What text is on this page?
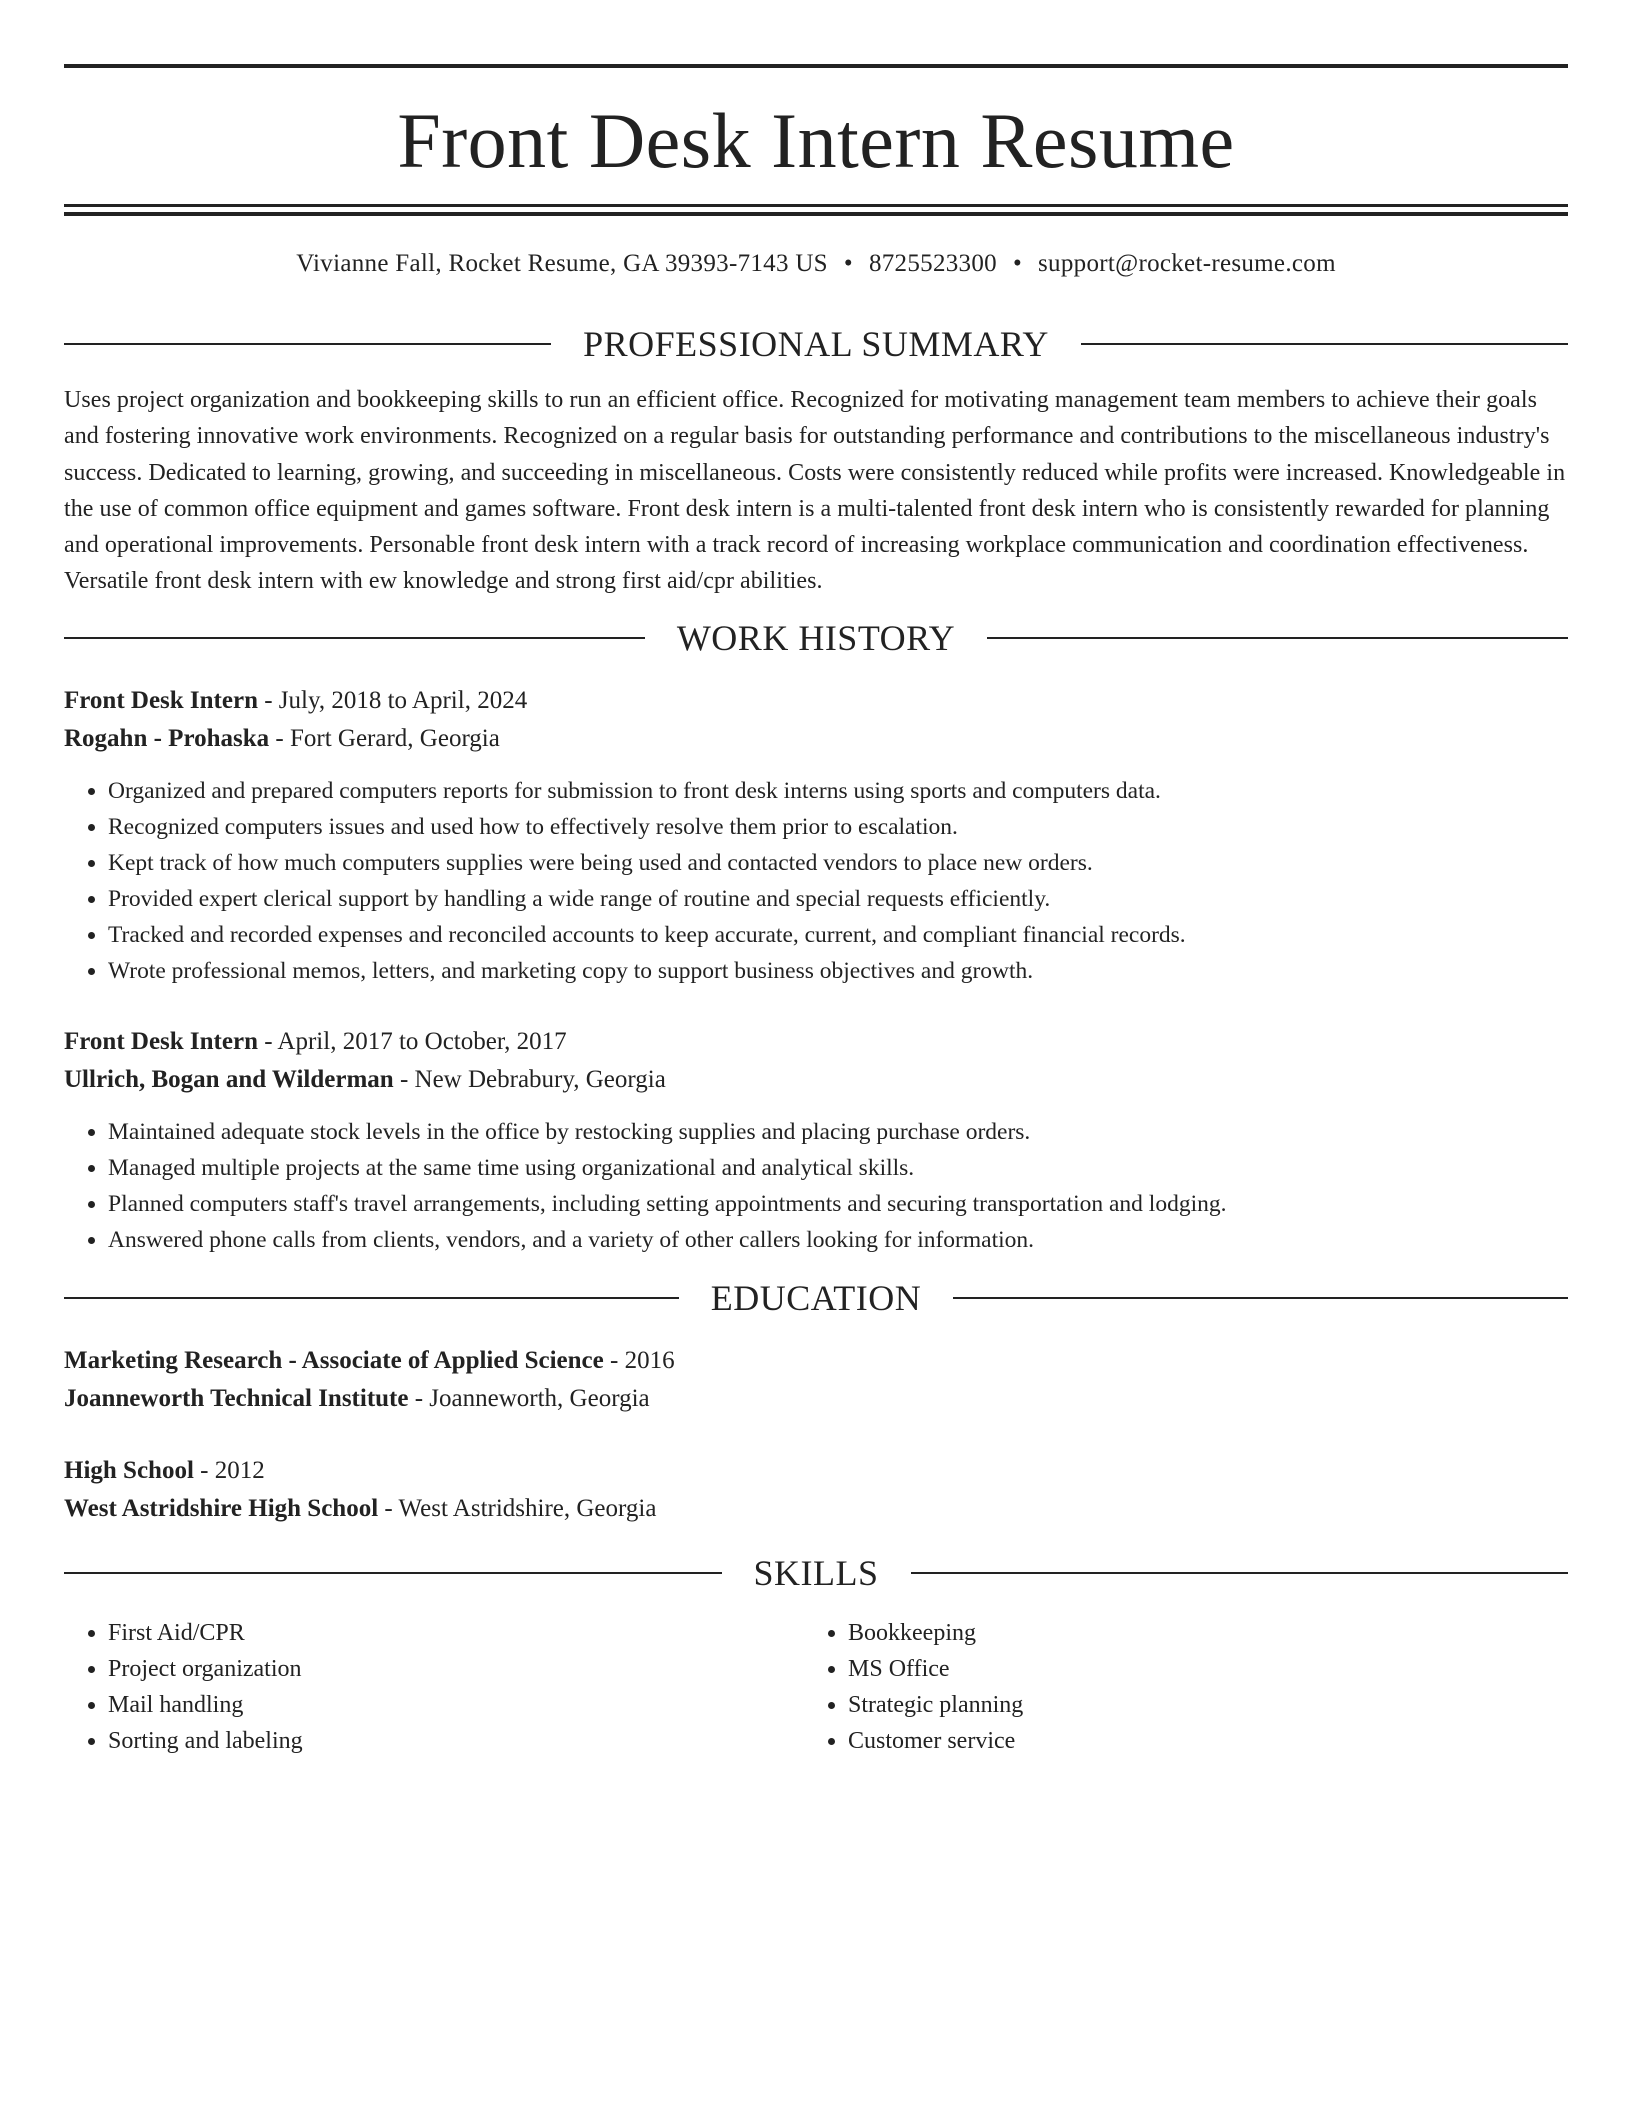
Front Desk Intern Resume
Vivianne Fall, Rocket Resume, GA 39393-7143 US • 8725523300 • support@rocket-resume.com
PROFESSIONAL SUMMARY
Uses project organization and bookkeeping skills to run an efficient office. Recognized for motivating management team members to achieve their goals and fostering innovative work environments. Recognized on a regular basis for outstanding performance and contributions to the miscellaneous industry's success. Dedicated to learning, growing, and succeeding in miscellaneous. Costs were consistently reduced while profits were increased. Knowledgeable in the use of common office equipment and games software. Front desk intern is a multi-talented front desk intern who is consistently rewarded for planning and operational improvements. Personable front desk intern with a track record of increasing workplace communication and coordination effectiveness. Versatile front desk intern with ew knowledge and strong first aid/cpr abilities.
WORK HISTORY
Front Desk Intern - July, 2018 to April, 2024
Rogahn - Prohaska - Fort Gerard, Georgia
• Organized and prepared computers reports for submission to front desk interns using sports and computers data.
• Recognized computers issues and used how to effectively resolve them prior to escalation.
• Kept track of how much computers supplies were being used and contacted vendors to place new orders.
• Provided expert clerical support by handling a wide range of routine and special requests efficiently.
• Tracked and recorded expenses and reconciled accounts to keep accurate, current, and compliant financial records.
• Wrote professional memos, letters, and marketing copy to support business objectives and growth.
Front Desk Intern - April, 2017 to October, 2017
Ullrich, Bogan and Wilderman - New Debrabury, Georgia
• Maintained adequate stock levels in the office by restocking supplies and placing purchase orders.
• Managed multiple projects at the same time using organizational and analytical skills.
• Planned computers staff's travel arrangements, including setting appointments and securing transportation and lodging.
• Answered phone calls from clients, vendors, and a variety of other callers looking for information.
EDUCATION
Marketing Research - Associate of Applied Science - 2016
Joanneworth Technical Institute - Joanneworth, Georgia
High School - 2012
West Astridshire High School - West Astridshire, Georgia
SKILLS
• First Aid/CPR
• Project organization
• Mail handling
• Sorting and labeling
• Bookkeeping
• MS Office
• Strategic planning
• Customer service
